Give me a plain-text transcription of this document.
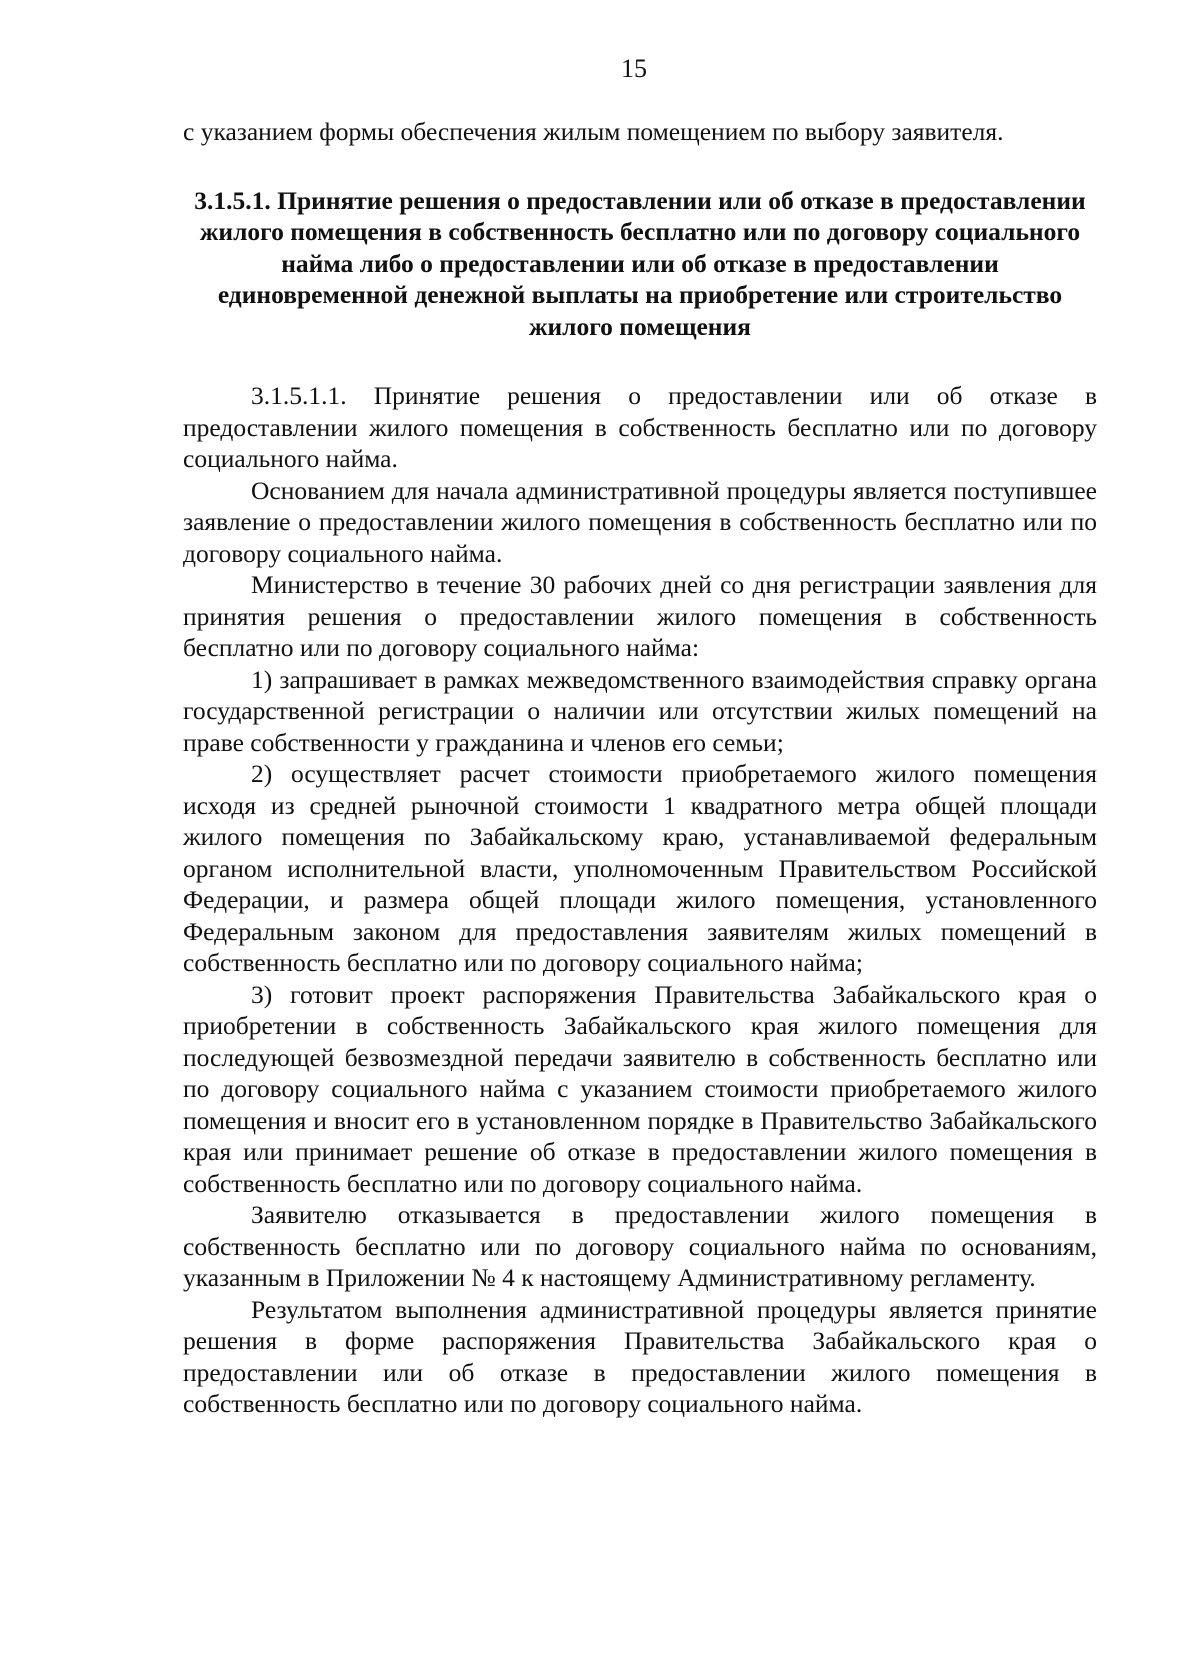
15

с указанием формы обеспечения жилым помещением по выбору заявителя.

3.1.5.1. Принятие решения о предоставлении или об отказе в предоставлении жилого помещения в собственность бесплатно или по договору социального найма либо о предоставлении или об отказе в предоставлении единовременной денежной выплаты на приобретение или строительство жилого помещения

3.1.5.1.1. Принятие решения о предоставлении или об отказе в предоставлении жилого помещения в собственность бесплатно или по договору социального найма.

Основанием для начала административной процедуры является поступившее заявление о предоставлении жилого помещения в собственность бесплатно или по договору социального найма.

Министерство в течение 30 рабочих дней со дня регистрации заявления для принятия решения о предоставлении жилого помещения в собственность бесплатно или по договору социального найма:

1) запрашивает в рамках межведомственного взаимодействия справку органа государственной регистрации о наличии или отсутствии жилых помещений на праве собственности у гражданина и членов его семьи;

2) осуществляет расчет стоимости приобретаемого жилого помещения исходя из средней рыночной стоимости 1 квадратного метра общей площади жилого помещения по Забайкальскому краю, устанавливаемой федеральным органом исполнительной власти, уполномоченным Правительством Российской Федерации, и размера общей площади жилого помещения, установленного Федеральным законом для предоставления заявителям жилых помещений в собственность бесплатно или по договору социального найма;

3) готовит проект распоряжения Правительства Забайкальского края о приобретении в собственность Забайкальского края жилого помещения для последующей безвозмездной передачи заявителю в собственность бесплатно или по договору социального найма с указанием стоимости приобретаемого жилого помещения и вносит его в установленном порядке в Правительство Забайкальского края или принимает решение об отказе в предоставлении жилого помещения в собственность бесплатно или по договору социального найма.

Заявителю отказывается в предоставлении жилого помещения в собственность бесплатно или по договору социального найма по основаниям, указанным в Приложении № 4 к настоящему Административному регламенту.

Результатом выполнения административной процедуры является принятие решения в форме распоряжения Правительства Забайкальского края о предоставлении или об отказе в предоставлении жилого помещения в собственность бесплатно или по договору социального найма.
